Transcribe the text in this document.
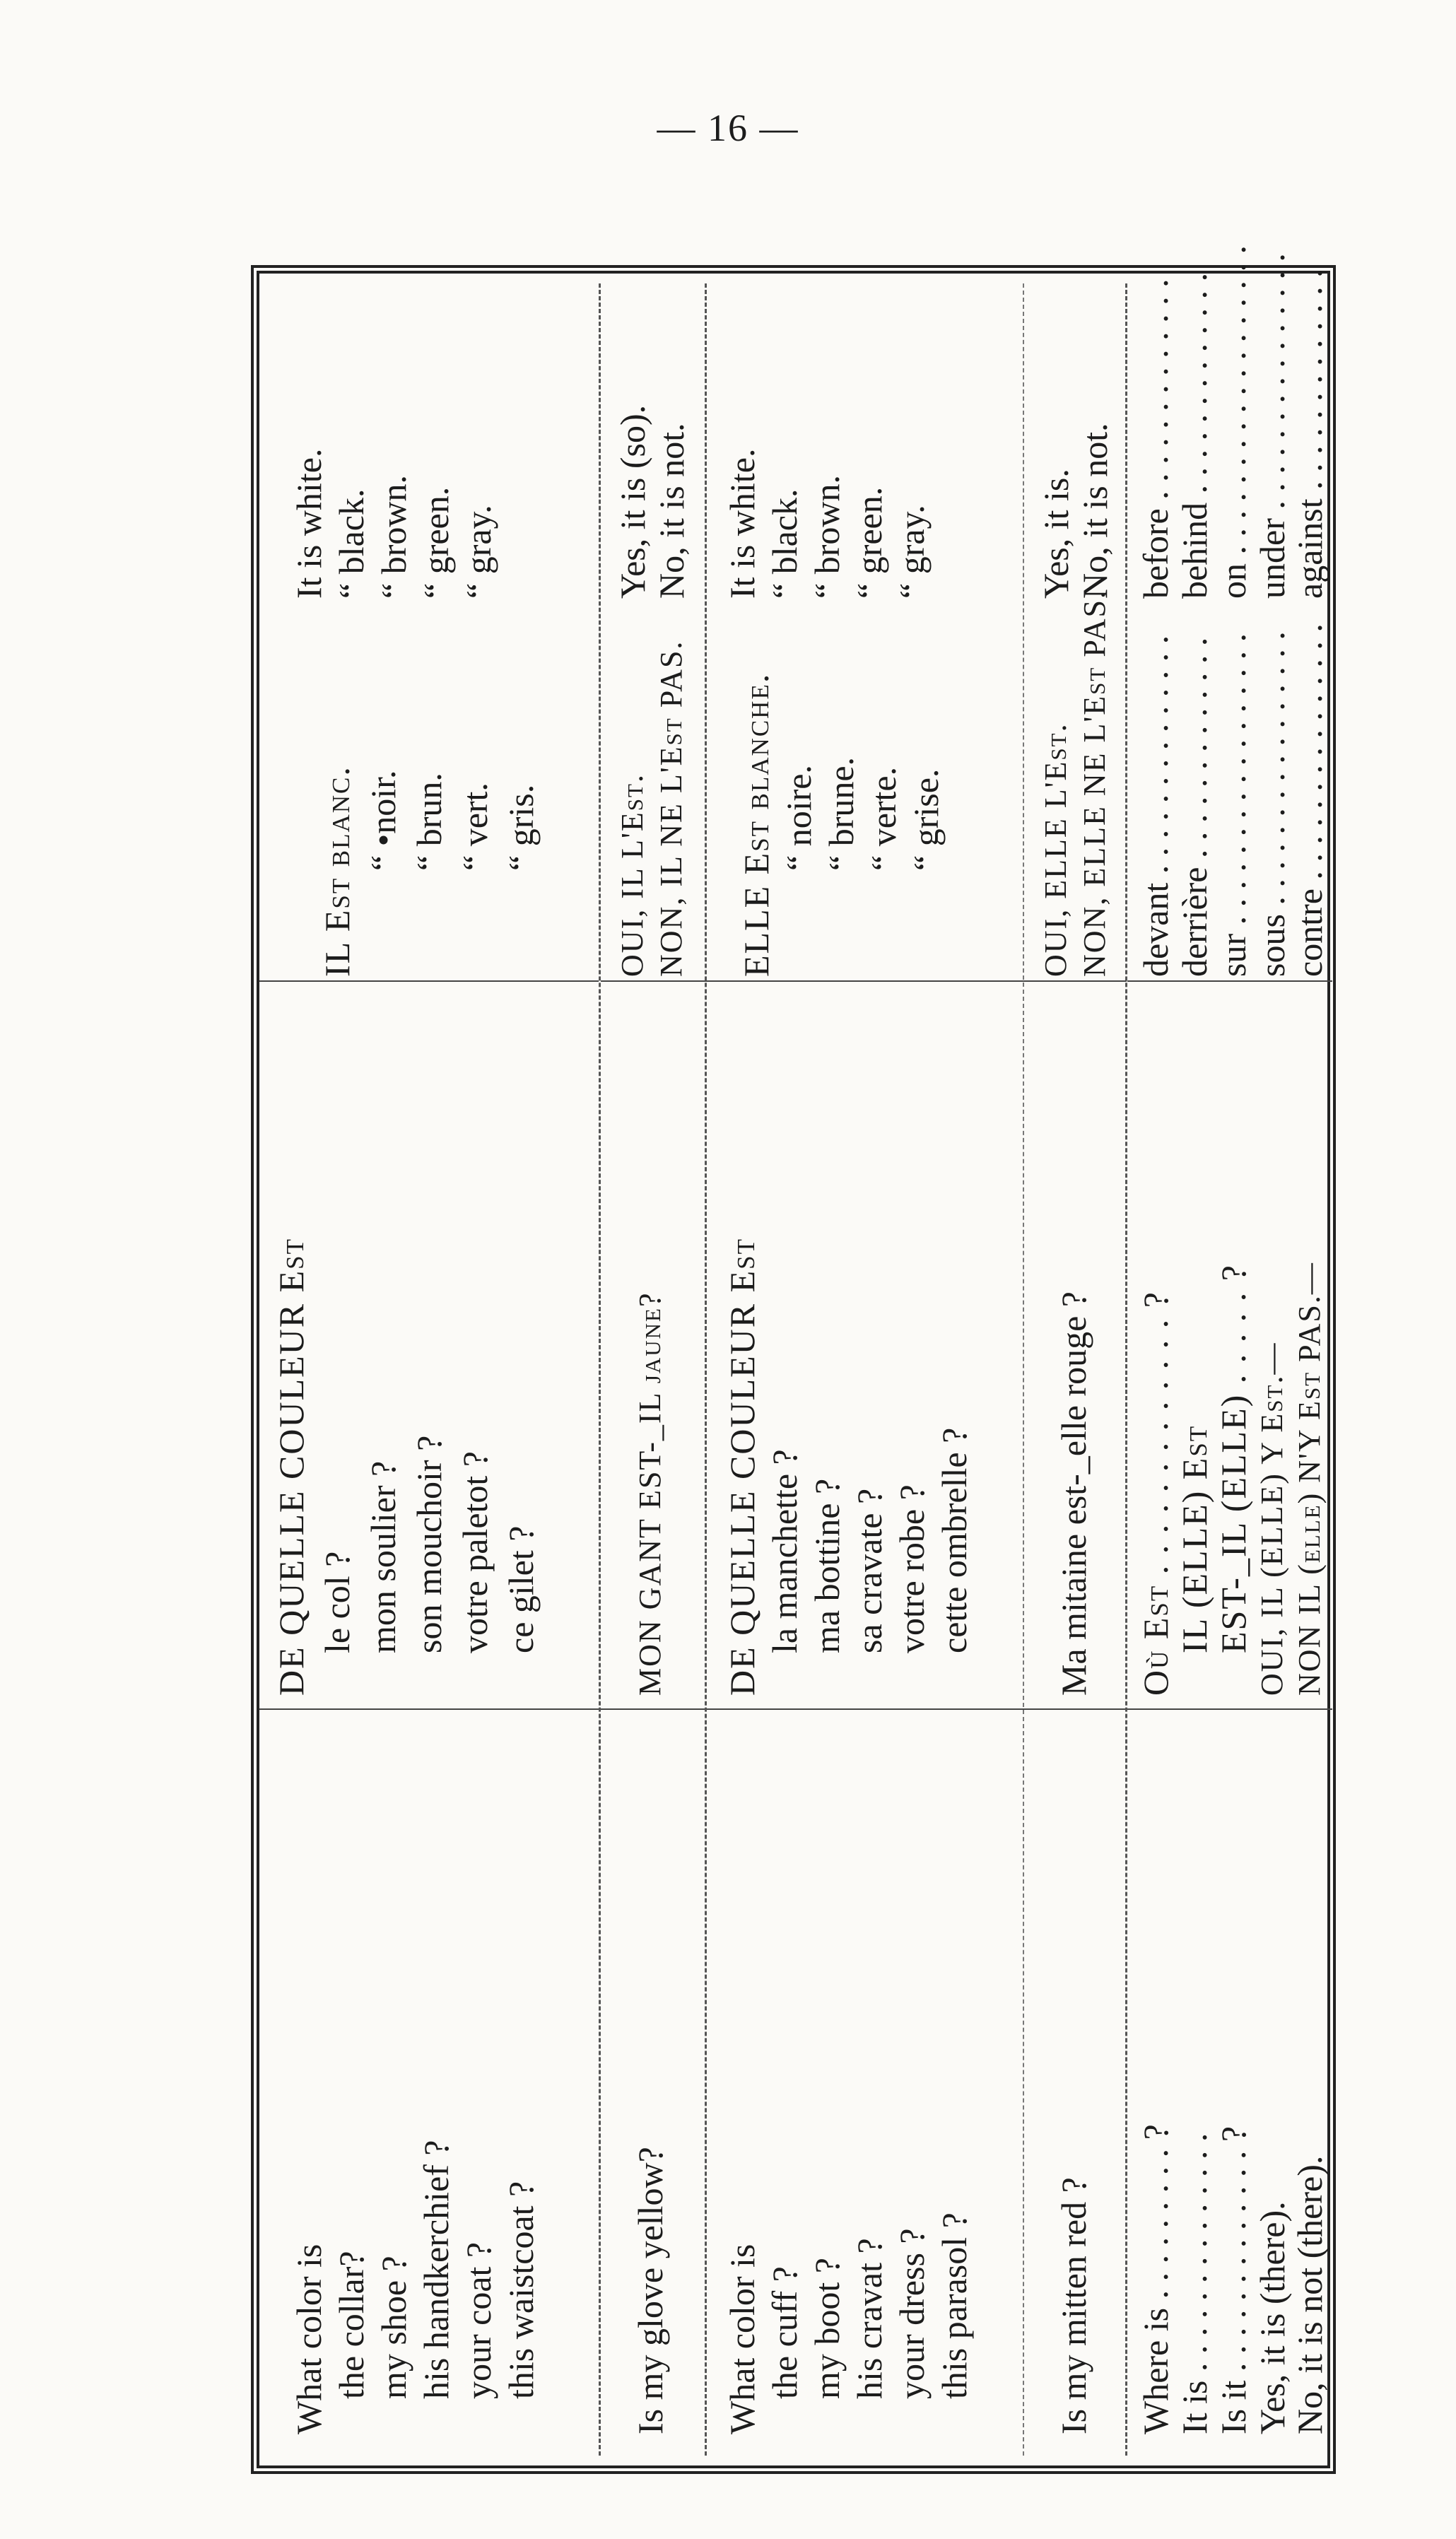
— 16 —
What color is the collar? my shoe ? his handkerchief ? your coat ? this waistcoat ?
DE QUELLE COULEUR Est le col ? mon soulier ? son mouchoir ? votre paletot ? ce gilet ?
IL Est blanc. “ •noir. “ brun. “ vert. “ gris.
It is white. “ black. “ brown. “ green. “ gray.
Is my glove yellow?
MON GANT EST-_IL jaune?
OUI, IL L'Est. NON, IL NE L'Est PAS.
Yes, it is (so). No, it is not.
What color is the cuff ? my boot ? his cravat ? your dress ? this parasol ?
DE QUELLE COULEUR Est la manchette ? ma bottine ? sa cravate ? votre robe ? cette ombrelle ?
ELLE Est blanche. “ noire. “ brune. “ verte. “ grise.
It is white. “ black. “ brown. “ green. “ gray.
Is my mitten red ?
Ma mitaine est-_elle rouge ?
OUI, ELLE L'Est. NON, ELLE NE L'Est PAS.
Yes, it is. No, it is not.
Where is . . . . . . . . . ? It is . . . . . . . . . . . . . . Is it . . . . . . . . . . . . . ? Yes, it is (there).
No, it is not (there).
Où Est . . . . . . . . . . . . . ? IL (ELLE) Est EST-_IL (ELLE) . . . . . ? OUI, IL (ELLE) Y Est.— NON IL (elle) N'Y Est PAS.—
devant . . . . . . . . . . . . . . derrière . . . . . . . . . . . . . sur . . . . . . . . . . . . . . . . . sous . . . . . . . . . . . . . . . .
contre . . . . . . . . . . . . . . .
before . . . . . . . . . . . . . behind . . . . . . . . . . . . . on . . . . . . . . . . . . . . . . . . under . . . . . . . . . . . . . . .
against . . . . . . . . . . . . .
